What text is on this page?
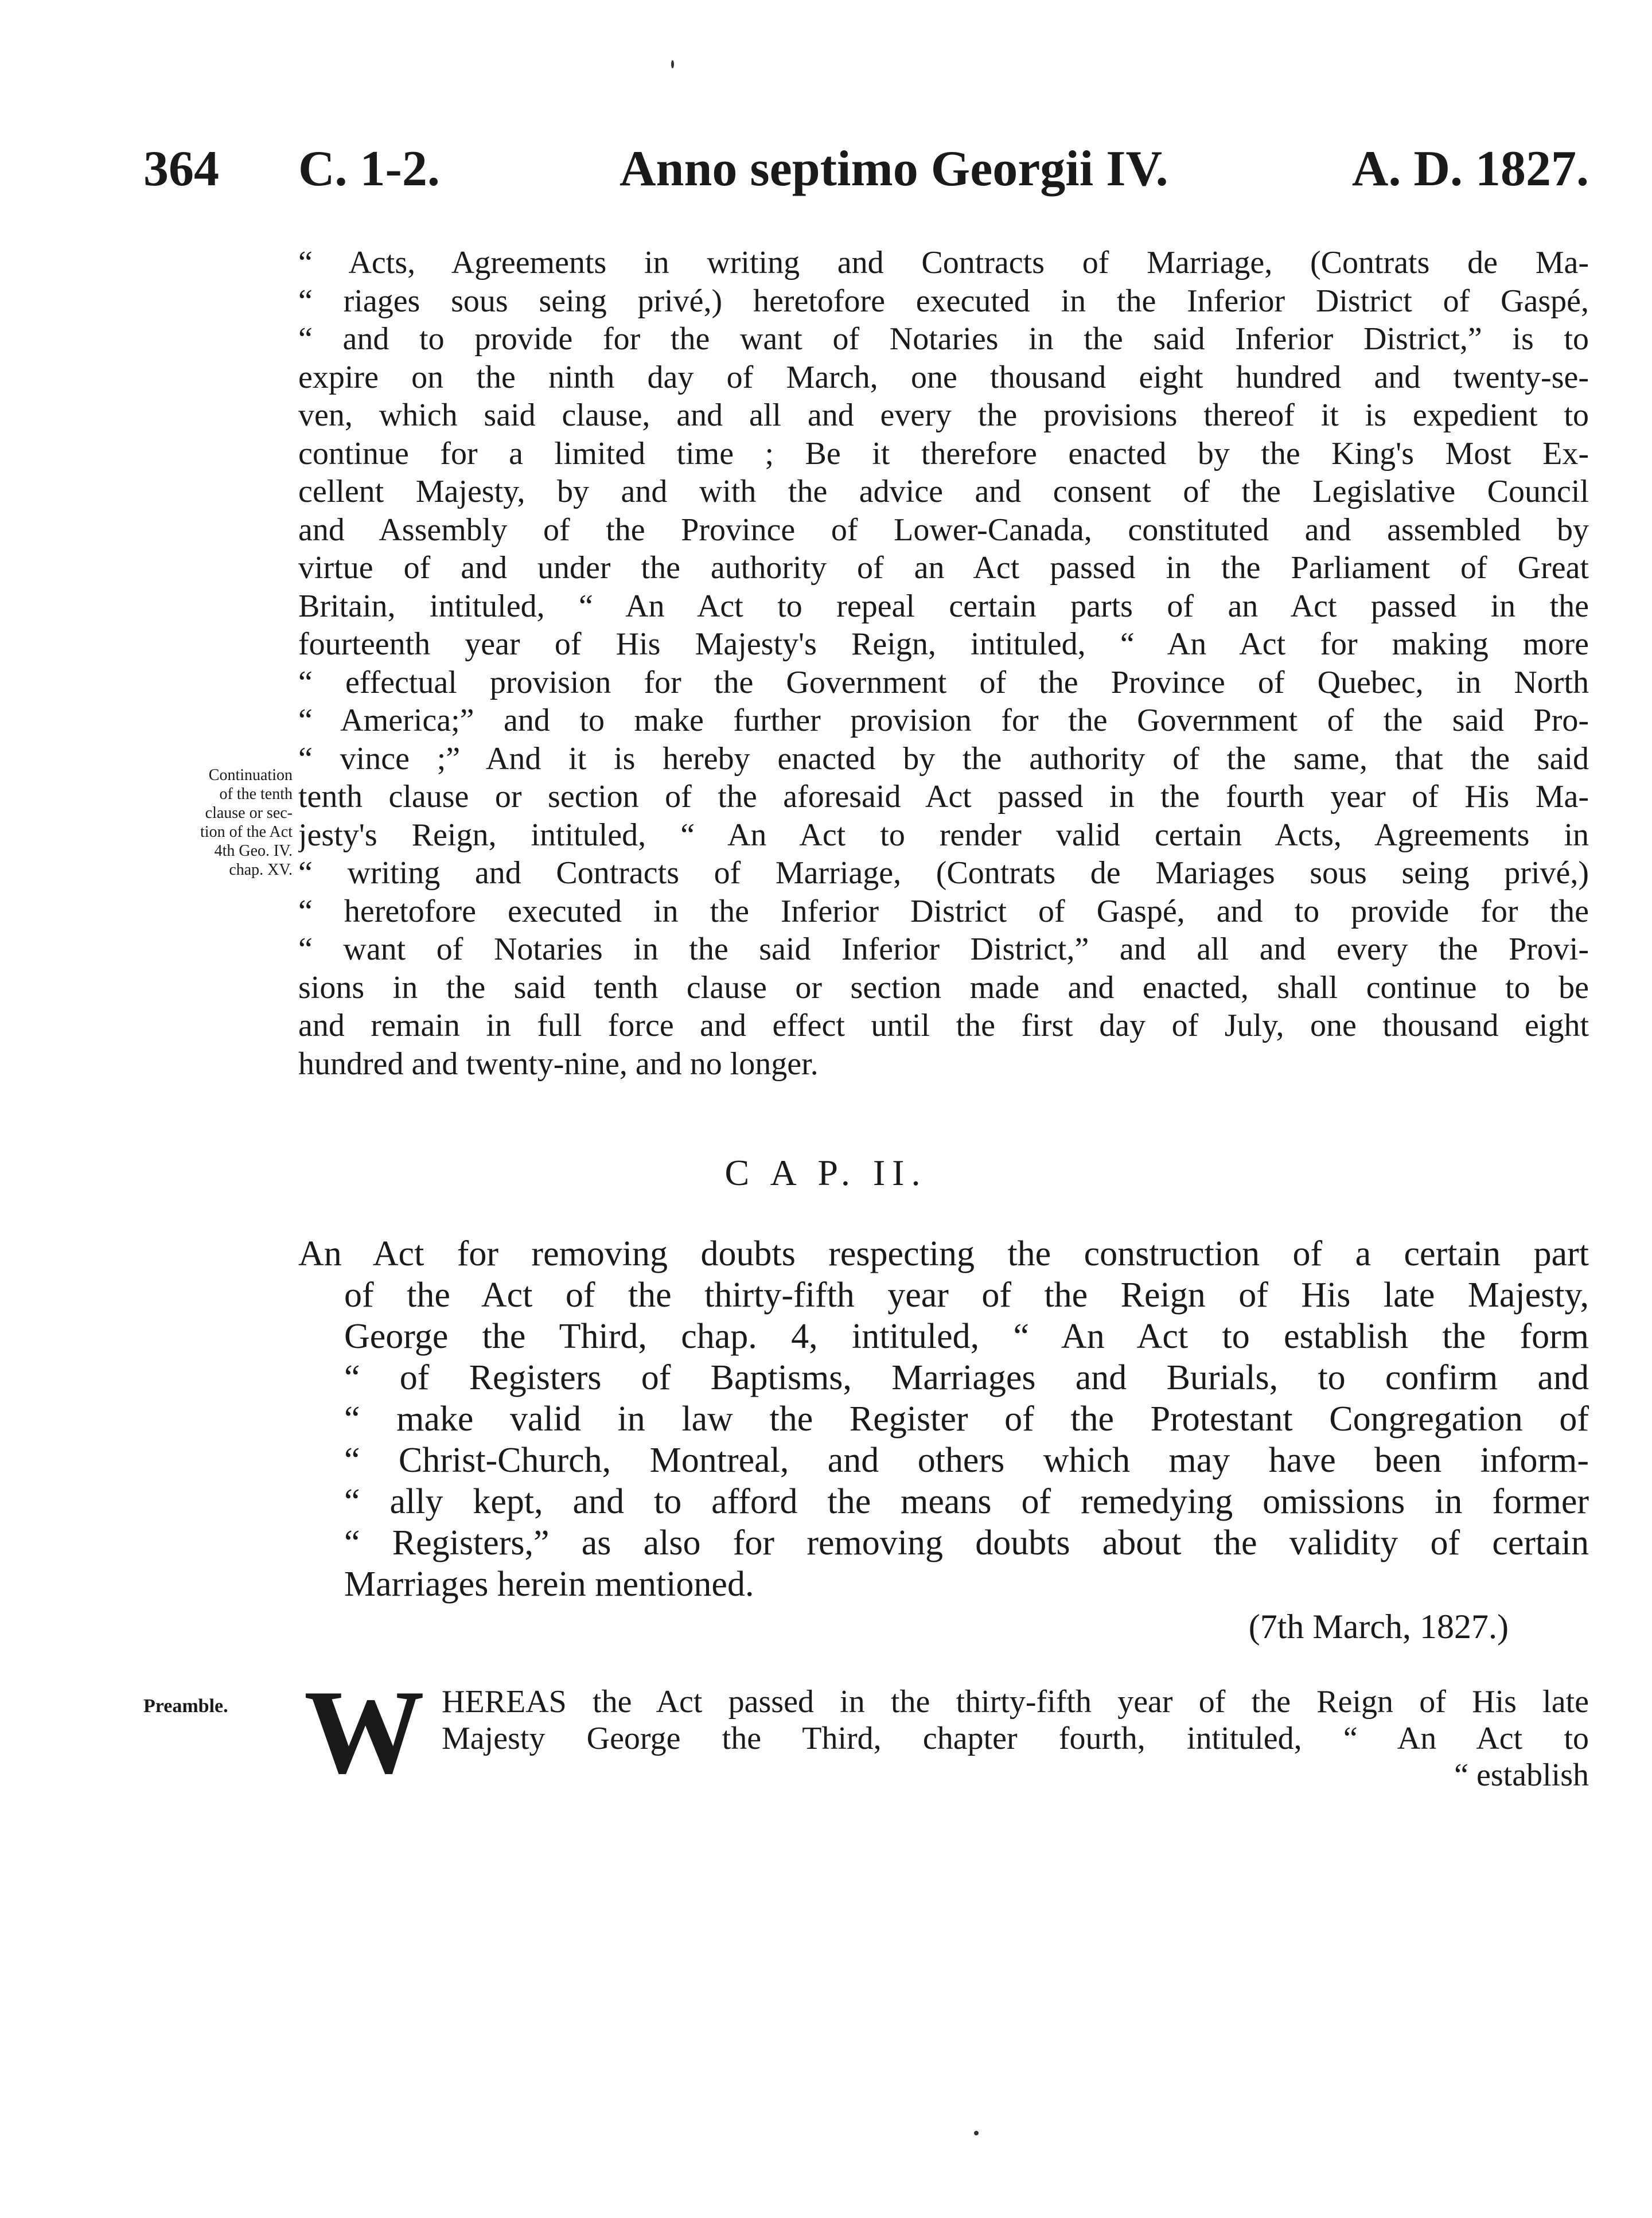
364 C. 1-2.	Anno septimo Georgii IV.	A. D. 1827.
“ Acts, Agreements in writing and Contracts of Marriage, (Contrats de Ma-
“ riages sous seing privé,) heretofore executed in the Inferior District of Gaspé,
“ and to provide for the want of Notaries in the said Inferior District,” is to
expire on the ninth day of March, one thousand eight hundred and twenty-se-
ven, which said clause, and all and every the provisions thereof it is expedient to
continue for a limited time ; Be it therefore enacted by the King's Most Ex-
cellent Majesty, by and with the advice and consent of the Legislative Council
and Assembly of the Province of Lower-Canada, constituted and assembled by
virtue of and under the authority of an Act passed in the Parliament of Great
Britain, intituled, “ An Act to repeal certain parts of an Act passed in the
fourteenth year of His Majesty's Reign, intituled, “ An Act for making more
“ effectual provision for the Government of the Province of Quebec, in North
“ America;” and to make further provision for the Government of the said Pro-
“ vince ;” And it is hereby enacted by the authority of the same, that the said
tenth clause or section of the aforesaid Act passed in the fourth year of His Ma-
jesty's Reign, intituled, “ An Act to render valid certain Acts, Agreements in
“ writing and Contracts of Marriage, (Contrats de Mariages sous seing privé,)
“ heretofore executed in the Inferior District of Gaspé, and to provide for the
“ want of Notaries in the said Inferior District,” and all and every the Provi-
sions in the said tenth clause or section made and enacted, shall continue to be
and remain in full force and effect until the first day of July, one thousand eight
hundred and twenty-nine, and no longer.
Continuation
of the tenth
clause or sec-
tion of the Act
4th Geo. IV.
chap. XV.
C A P. II.
An Act for removing doubts respecting the construction of a certain part
of the Act of the thirty-fifth year of the Reign of His late Majesty,
George the Third, chap. 4, intituled, “ An Act to establish the form
“ of Registers of Baptisms, Marriages and Burials, to confirm and
“ make valid in law the Register of the Protestant Congregation of
“ Christ-Church, Montreal, and others which may have been inform-
“ ally kept, and to afford the means of remedying omissions in former
“ Registers,” as also for removing doubts about the validity of certain
Marriages herein mentioned.
(7th March, 1827.)
Preamble. W HEREAS the Act passed in the thirty-fifth year of the Reign of His late
Majesty George the Third, chapter fourth, intituled, “ An Act to
“ establish
